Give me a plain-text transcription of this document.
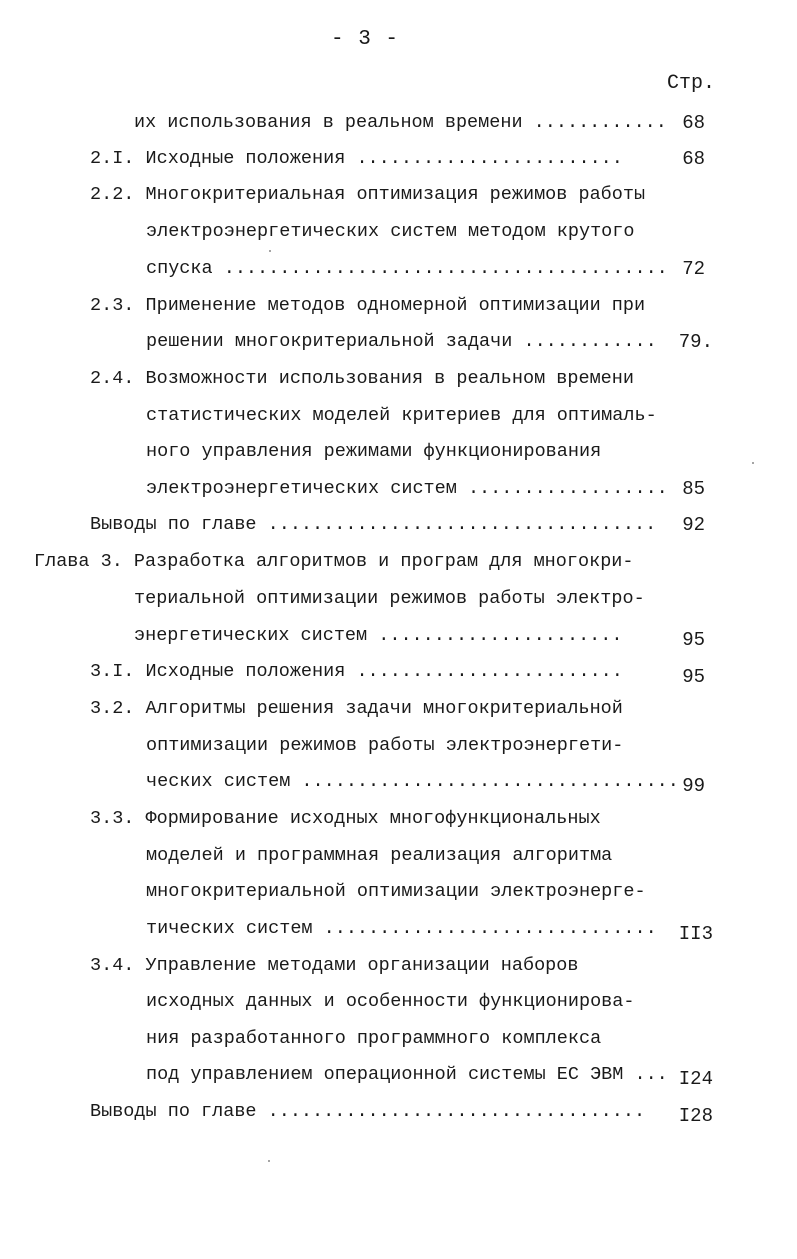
- 3 -
Стр.
их использования в реальном времени ............ 68
2.I. Исходные положения ........................	68
2.2. Многокритериальная оптимизация режимов работы
электроэнергетических систем методом крутого
спуска ........................................ 72
2.3. Применение методов одномерной оптимизации при
решении многокритериальной задачи ............ 79.
2.4. Возможности использования в реальном времени
статистических моделей критериев для оптималь-
ного управления режимами функционирования
электроэнергетических систем .................. 85
Выводы по главе ................................... 92
Глава 3. Разработка алгоритмов и програм для многокри-
териальной оптимизации режимов работы электро-
энергетических систем ......................	95
3.I. Исходные положения ........................	95
3.2. Алгоритмы решения задачи многокритериальной
оптимизации режимов работы электроэнергети-
ческих систем .................................. 99
3.3. Формирование исходных многофункциональных
моделей и программная реализация алгоритма
многокритериальной оптимизации электроэнерге-
тических систем .............................. II3
3.4. Управление методами организации наборов
исходных данных и особенности функционирова-
ния разработанного программного комплекса
под управлением операционной системы ЕС ЭВМ ... I24
Выводы по главе .................................. I28
